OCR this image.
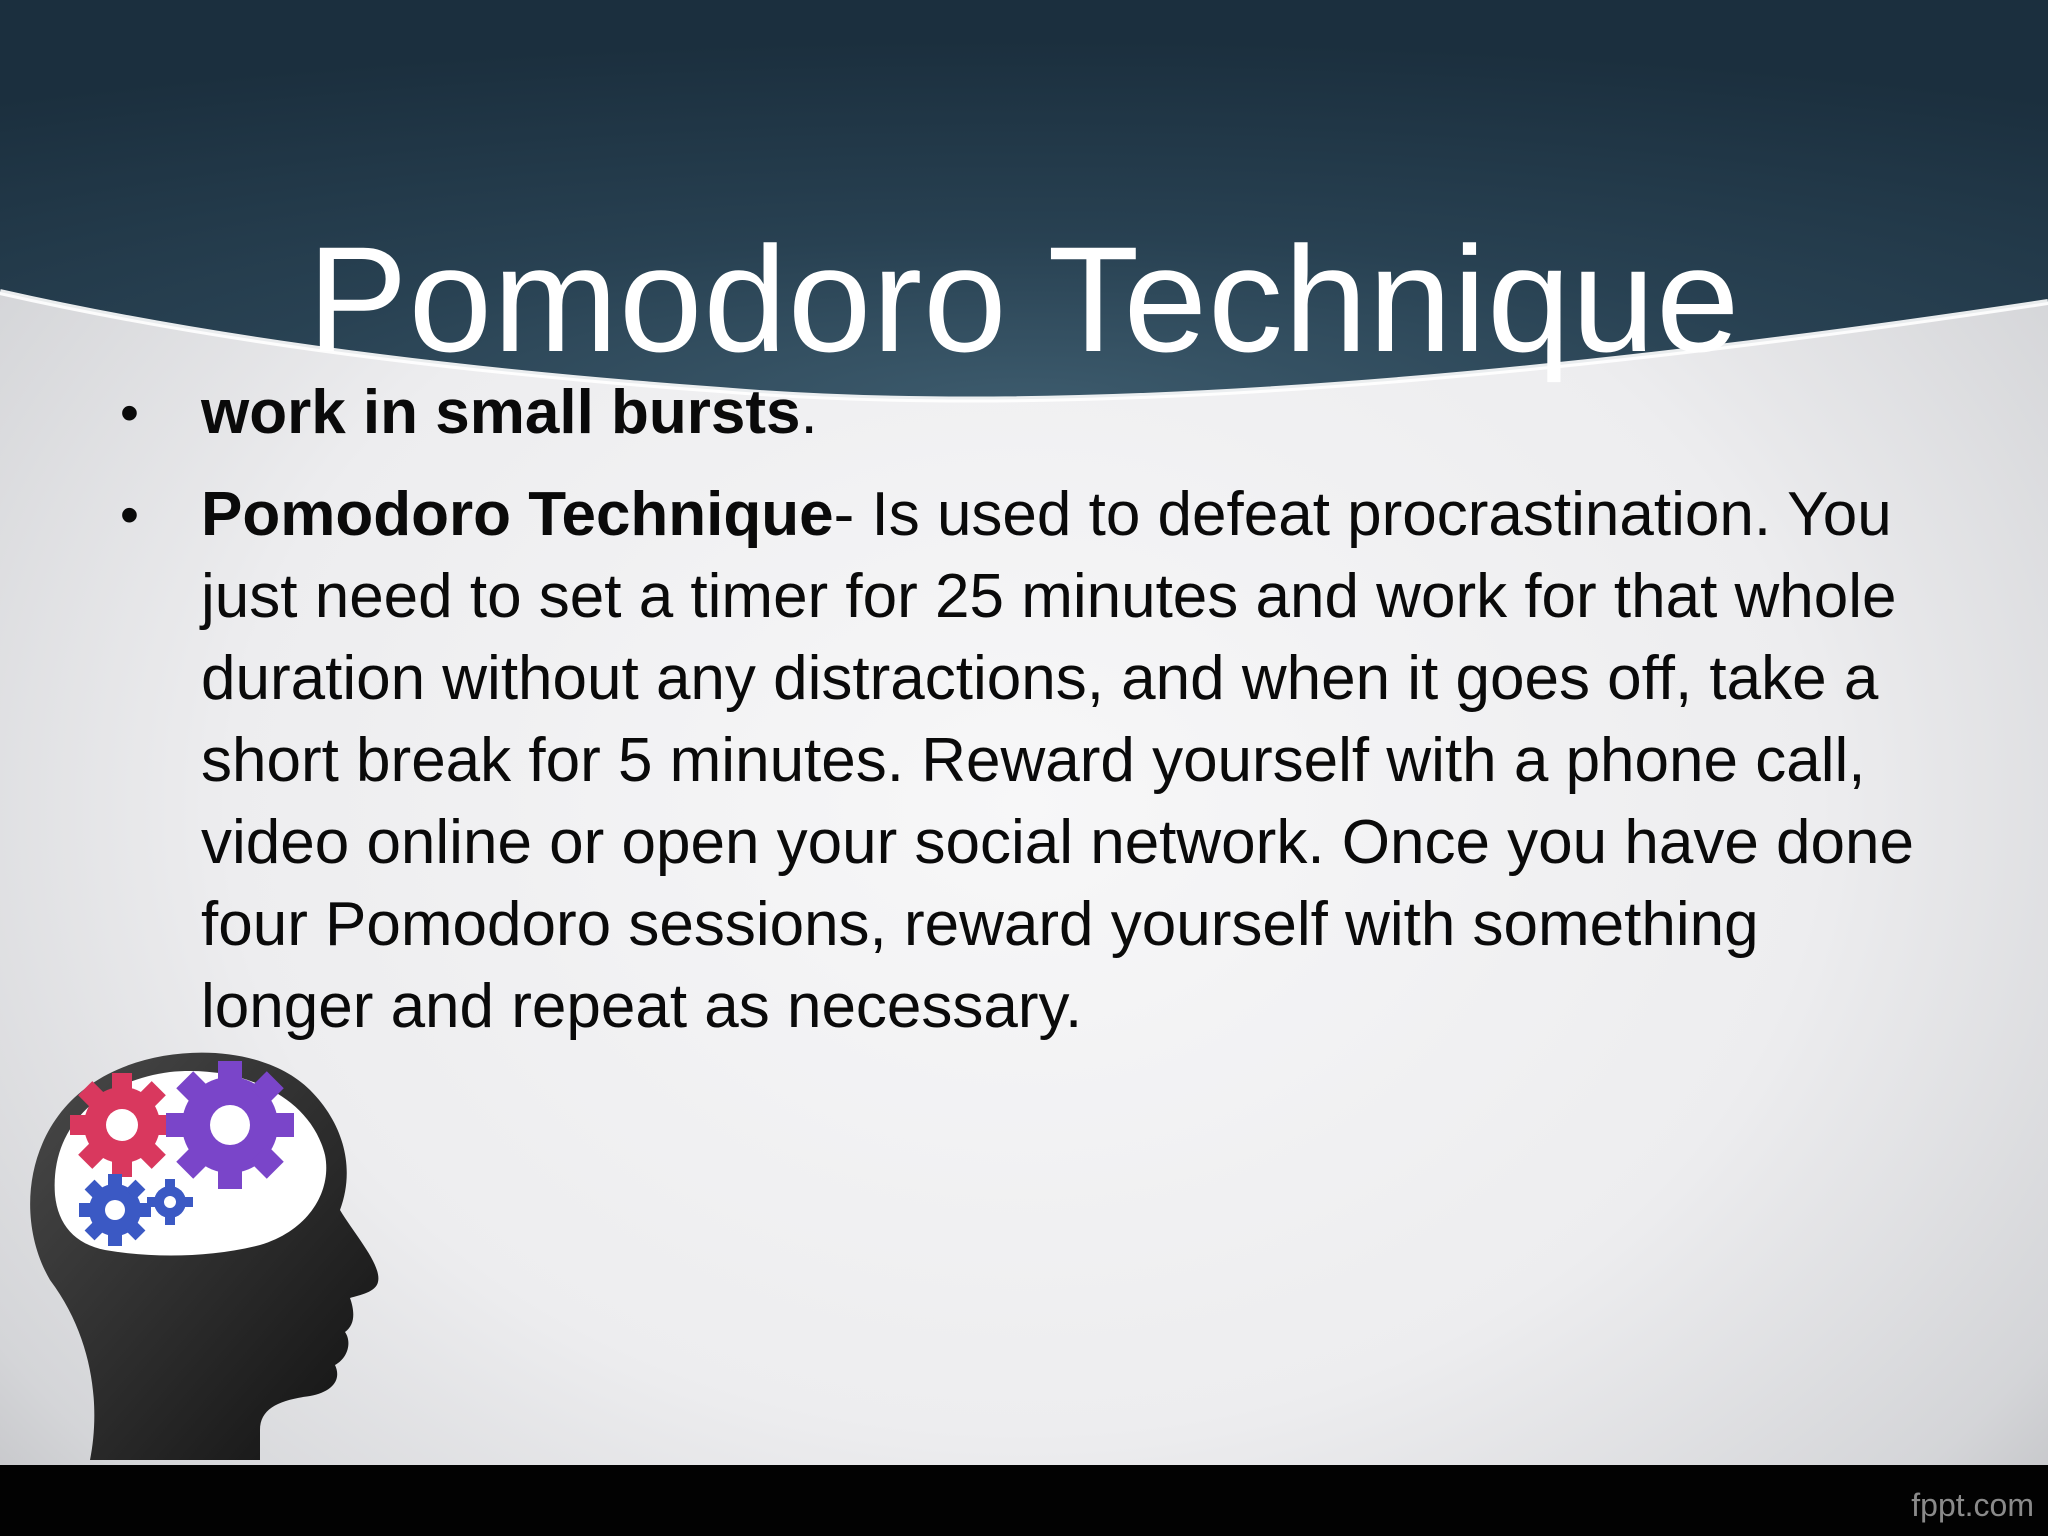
Pomodoro Technique
• work in small bursts.
• Pomodoro Technique- Is used to defeat procrastination. You just need to set a timer for 25 minutes and work for that whole duration without any distractions, and when it goes off, take a short break for 5 minutes. Reward yourself with a phone call, video online or open your social network. Once you have done four Pomodoro sessions, reward yourself with something longer and repeat as necessary.
fppt.com
